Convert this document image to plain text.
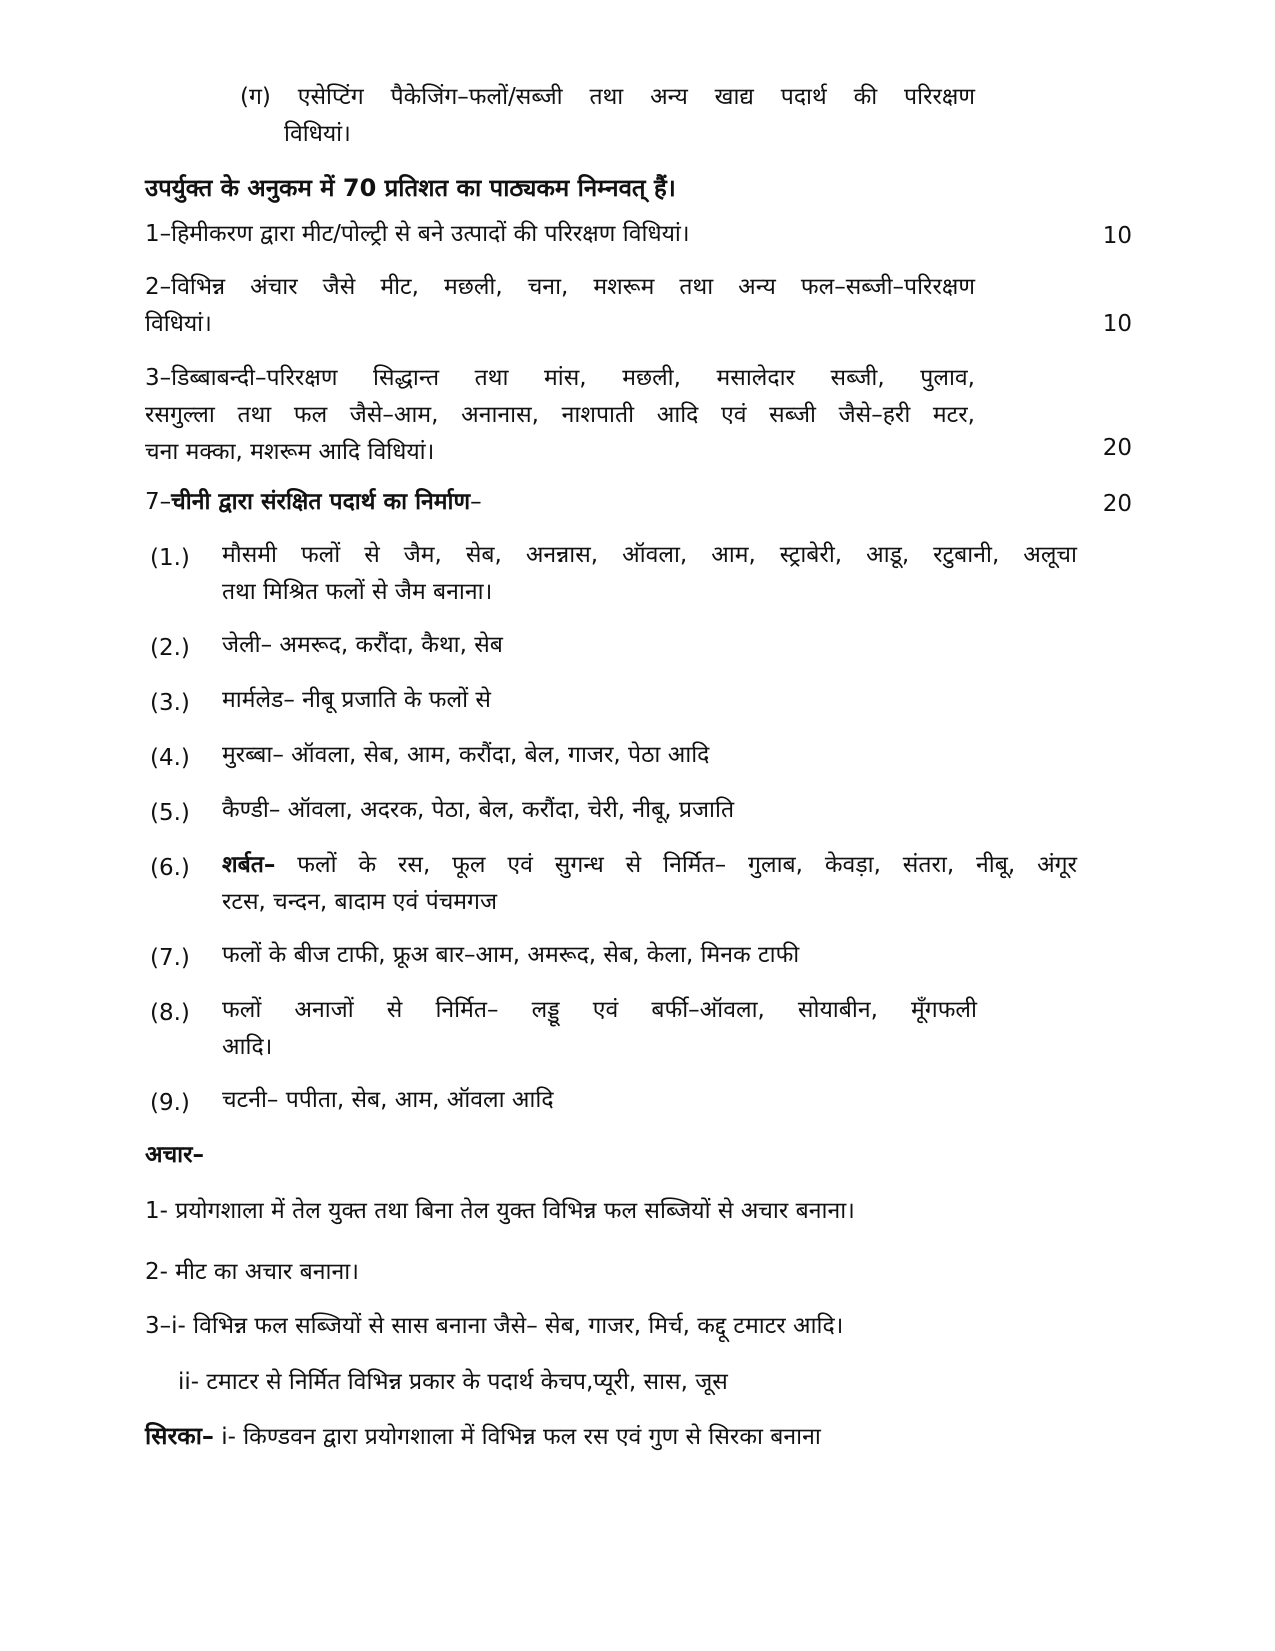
(ग) एसेप्टिंग पैकेजिंग–फलों/सब्जी तथा अन्य खाद्य पदार्थ की परिरक्षण
विधियां।
उपर्युक्त के अनुकम में 70 प्रतिशत का पाठ्यकम निम्नवत् हैं।
1–हिमीकरण द्वारा मीट/पोल्ट्री से बने उत्पादों की परिरक्षण विधियां।	10
2–विभिन्न अंचार जैसे मीट, मछली, चना, मशरूम तथा अन्य फल–सब्जी–परिरक्षण
विधियां।	10
3–डिब्बाबन्दी–परिरक्षण सिद्धान्त तथा मांस, मछली, मसालेदार सब्जी, पुलाव,
रसगुल्ला तथा फल जैसे–आम, अनानास, नाशपाती आदि एवं सब्जी जैसे–हरी मटर,
चना मक्का, मशरूम आदि विधियां।	20
7–चीनी द्वारा संरक्षित पदार्थ का निर्माण–	20
(1.)	मौसमी फलों से जैम, सेब, अनन्नास, ऑवला, आम, स्ट्राबेरी, आडू, रटुबानी, अलूचा
तथा मिश्रित फलों से जैम बनाना।
(2.)	जेली– अमरूद, करौंदा, कैथा, सेब
(3.)	मार्मलेड– नीबू प्रजाति के फलों से
(4.)	मुरब्बा– ऑवला, सेब, आम, करौंदा, बेल, गाजर, पेठा आदि
(5.)	कैण्डी– ऑवला, अदरक, पेठा, बेल, करौंदा, चेरी, नीबू, प्रजाति
(6.)	शर्बत– फलों के रस, फूल एवं सुगन्ध से निर्मित– गुलाब, केवड़ा, संतरा, नीबू, अंगूर
रटस, चन्दन, बादाम एवं पंचमगज
(7.)	फलों के बीज टाफी, फ्रूअ बार–आम, अमरूद, सेब, केला, मिनक टाफी
(8.)	फलों अनाजों से निर्मित– लड्डू एवं बर्फी–ऑवला, सोयाबीन, मूँगफली
आदि।
(9.)	चटनी– पपीता, सेब, आम, ऑवला आदि
अचार–
1- प्रयोगशाला में तेल युक्त तथा बिना तेल युक्त विभिन्न फल सब्जियों से अचार बनाना।
2- मीट का अचार बनाना।
3–i- विभिन्न फल सब्जियों से सास बनाना जैसे– सेब, गाजर, मिर्च, कद्दू टमाटर आदि।
ii- टमाटर से निर्मित विभिन्न प्रकार के पदार्थ केचप,प्यूरी, सास, जूस
सिरका– i- किण्डवन द्वारा प्रयोगशाला में विभिन्न फल रस एवं गुण से सिरका बनाना
